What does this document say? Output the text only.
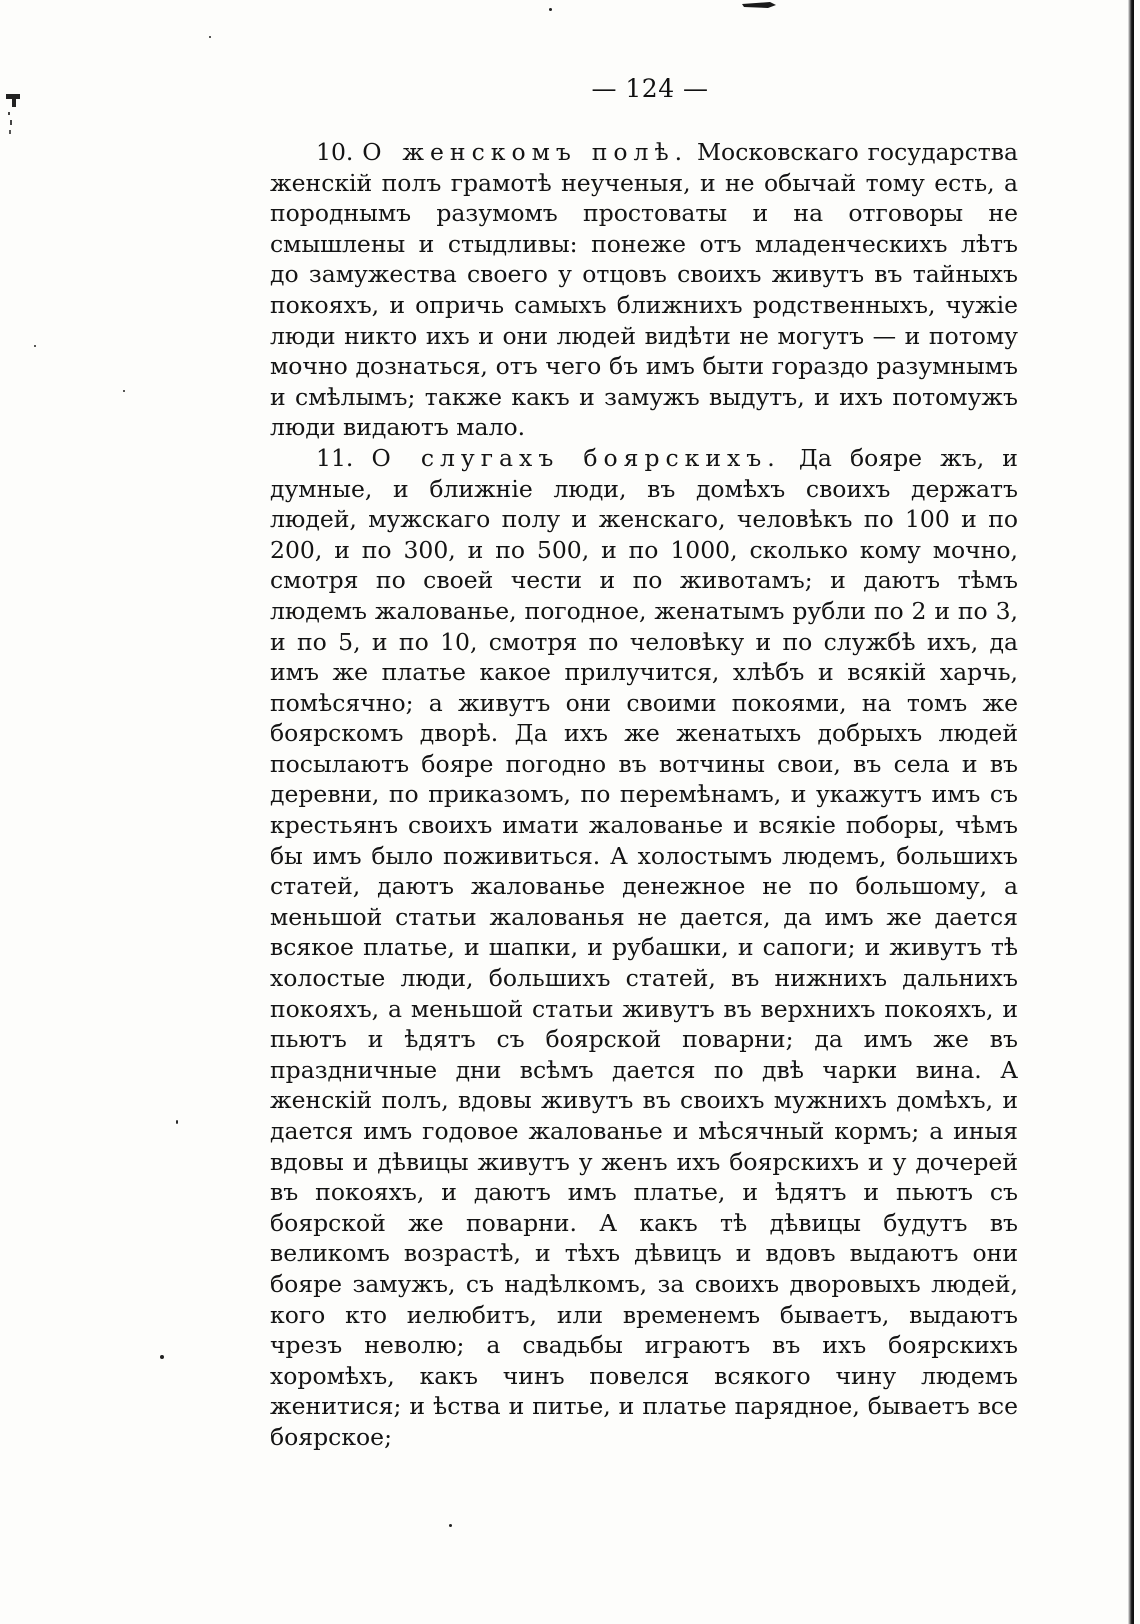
— 124 —

10. О женскомъ полѣ. Московскаго государства женскій полъ грамотѣ неученыя, и не обычай тому есть, а породнымъ разумомъ простоваты и на отговоры не смышлены и стыдливы: понеже отъ младенческихъ лѣтъ до замужества своего у отцовъ своихъ живутъ въ тайныхъ покояхъ, и опричь самыхъ ближнихъ родственныхъ, чужіе люди никто ихъ и они людей видѣти не могутъ — и потому мочно дознаться, отъ чего бъ имъ быти гораздо разумнымъ и смѣлымъ; также какъ и замужъ выдутъ, и ихъ потомужъ люди видаютъ мало.

11. О слугахъ боярскихъ. Да бояре жъ, и думные, и ближніе люди, въ домѣхъ своихъ держатъ людей, мужскаго полу и женскаго, человѣкъ по 100 и по 200, и по 300, и по 500, и по 1000, сколько кому мочно, смотря по своей чести и по животамъ; и даютъ тѣмъ людемъ жалованье, погодное, женатымъ рубли по 2 и по 3, и по 5, и по 10, смотря по человѣку и по службѣ ихъ, да имъ же платье какое прилучится, хлѣбъ и всякій харчь, помѣсячно; а живутъ они своими покоями, на томъ же боярскомъ дворѣ. Да ихъ же женатыхъ добрыхъ людей посылаютъ бояре погодно въ вотчины свои, въ села и въ деревни, по приказомъ, по перемѣнамъ, и укажутъ имъ съ крестьянъ своихъ имати жалованье и всякіе поборы, чѣмъ бы имъ было поживиться. А холостымъ людемъ, большихъ статей, даютъ жалованье денежное не по большому, а меньшой статьи жалованья не дается, да имъ же дается всякое платье, и шапки, и рубашки, и сапоги; и живутъ тѣ холостые люди, большихъ статей, въ нижнихъ дальнихъ покояхъ, а меньшой статьи живутъ въ верхнихъ покояхъ, и пьютъ и ѣдятъ съ боярской поварни; да имъ же въ праздничные дни всѣмъ дается по двѣ чарки вина. А женскій полъ, вдовы живутъ въ своихъ мужнихъ домѣхъ, и дается имъ годовое жалованье и мѣсячный кормъ; а иныя вдовы и дѣвицы живутъ у женъ ихъ боярскихъ и у дочерей въ покояхъ, и даютъ имъ платье, и ѣдятъ и пьютъ съ боярской же поварни. А какъ тѣ дѣвицы будутъ въ великомъ возрастѣ, и тѣхъ дѣвицъ и вдовъ выдаютъ они бояре замужъ, съ надѣлкомъ, за своихъ дворовыхъ людей, кого кто иелюбитъ, или временемъ бываетъ, выдаютъ чрезъ неволю; а свадьбы играютъ въ ихъ боярскихъ хоромѣхъ, какъ чинъ повелся всякого чину людемъ женитися; и ѣства и питье, и платье парядное, бываетъ все боярское;
